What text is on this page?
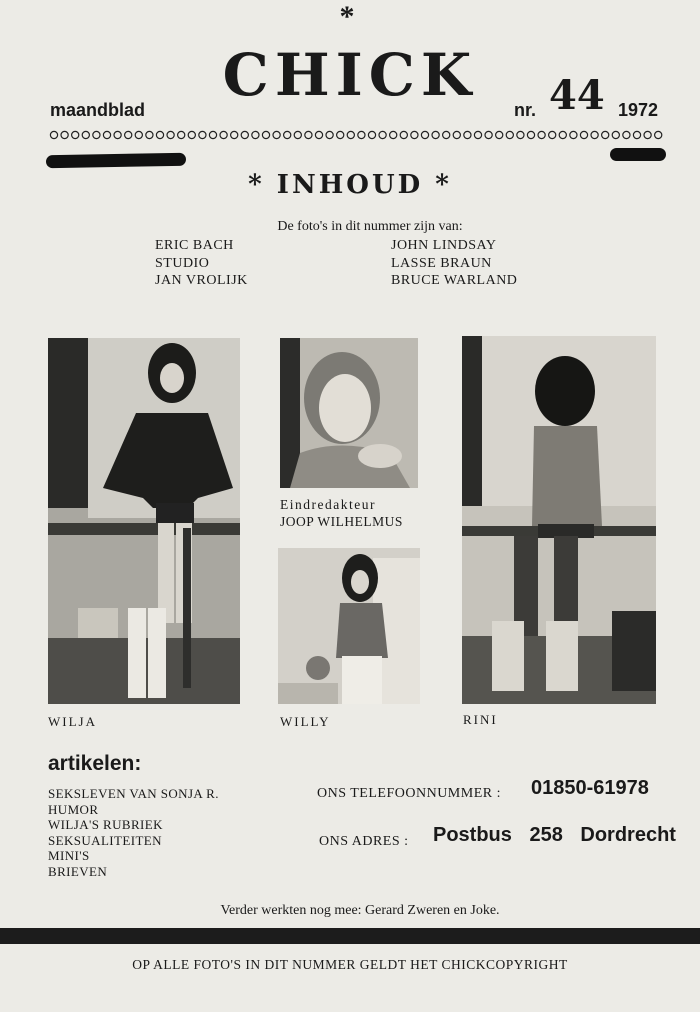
*
CHICK
maandblad	nr. 44 1972
* INHOUD *
De foto's in dit nummer zijn van:
ERIC BACH
STUDIO
JAN VROLIJK
JOHN LINDSAY
LASSE BRAUN
BRUCE WARLAND
WILJA
Eindredakteur
JOOP WILHELMUS
WILLY	RINI
artikelen:
SEKSLEVEN VAN SONJA R.
HUMOR
WILJA'S RUBRIEK
SEKSUALITEITEN
MINI'S
BRIEVEN
ONS TELEFOONNUMMER : 01850-61978
ONS ADRES : Postbus 258 Dordrecht
Verder werkten nog mee: Gerard Zweren en Joke.
OP ALLE FOTO'S IN DIT NUMMER GELDT HET CHICKCOPYRIGHT
